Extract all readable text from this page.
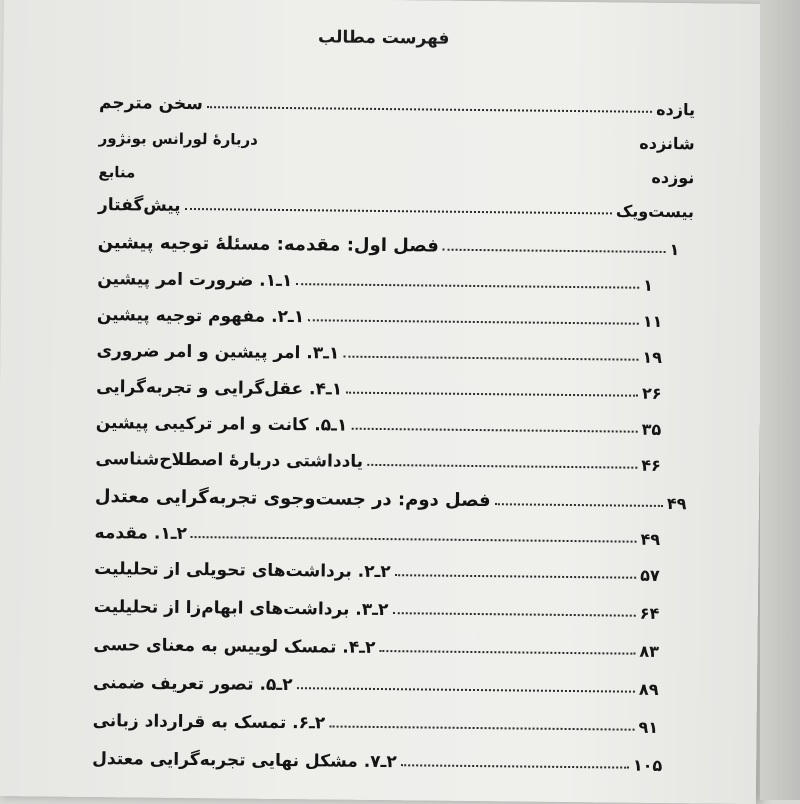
فهرست مطالب
سخن مترجم	یازده
دربارهٔ لورانس بونژور	شانزده
منابع	نوزده
پیش‌گفتار	بیست‌ویک
فصل اول: مقدمه: مسئلهٔ توجیه پیشین	۱
۱ـ۱. ضرورت امر پیشین	۱
۱ـ۲. مفهوم توجیه پیشین	۱۱
۱ـ۳. امر پیشین و امر ضروری	۱۹
۱ـ۴. عقل‌گرایی و تجربه‌گرایی	۲۶
۱ـ۵. کانت و امر ترکیبی پیشین	۳۵
یادداشتی دربارهٔ اصطلاح‌شناسی	۴۶
فصل دوم: در جست‌وجوی تجربه‌گرایی معتدل	۴۹
۲ـ۱. مقدمه	۴۹
۲ـ۲. برداشت‌های تحویلی از تحلیلیت	۵۷
۲ـ۳. برداشت‌های ابهام‌زا از تحلیلیت	۶۴
۲ـ۴. تمسک لوییس به معنای حسی	۸۳
۲ـ۵. تصور تعریف ضمنی	۸۹
۲ـ۶. تمسک به قرارداد زبانی	۹۱
۲ـ۷. مشکل نهایی تجربه‌گرایی معتدل	۱۰۵
